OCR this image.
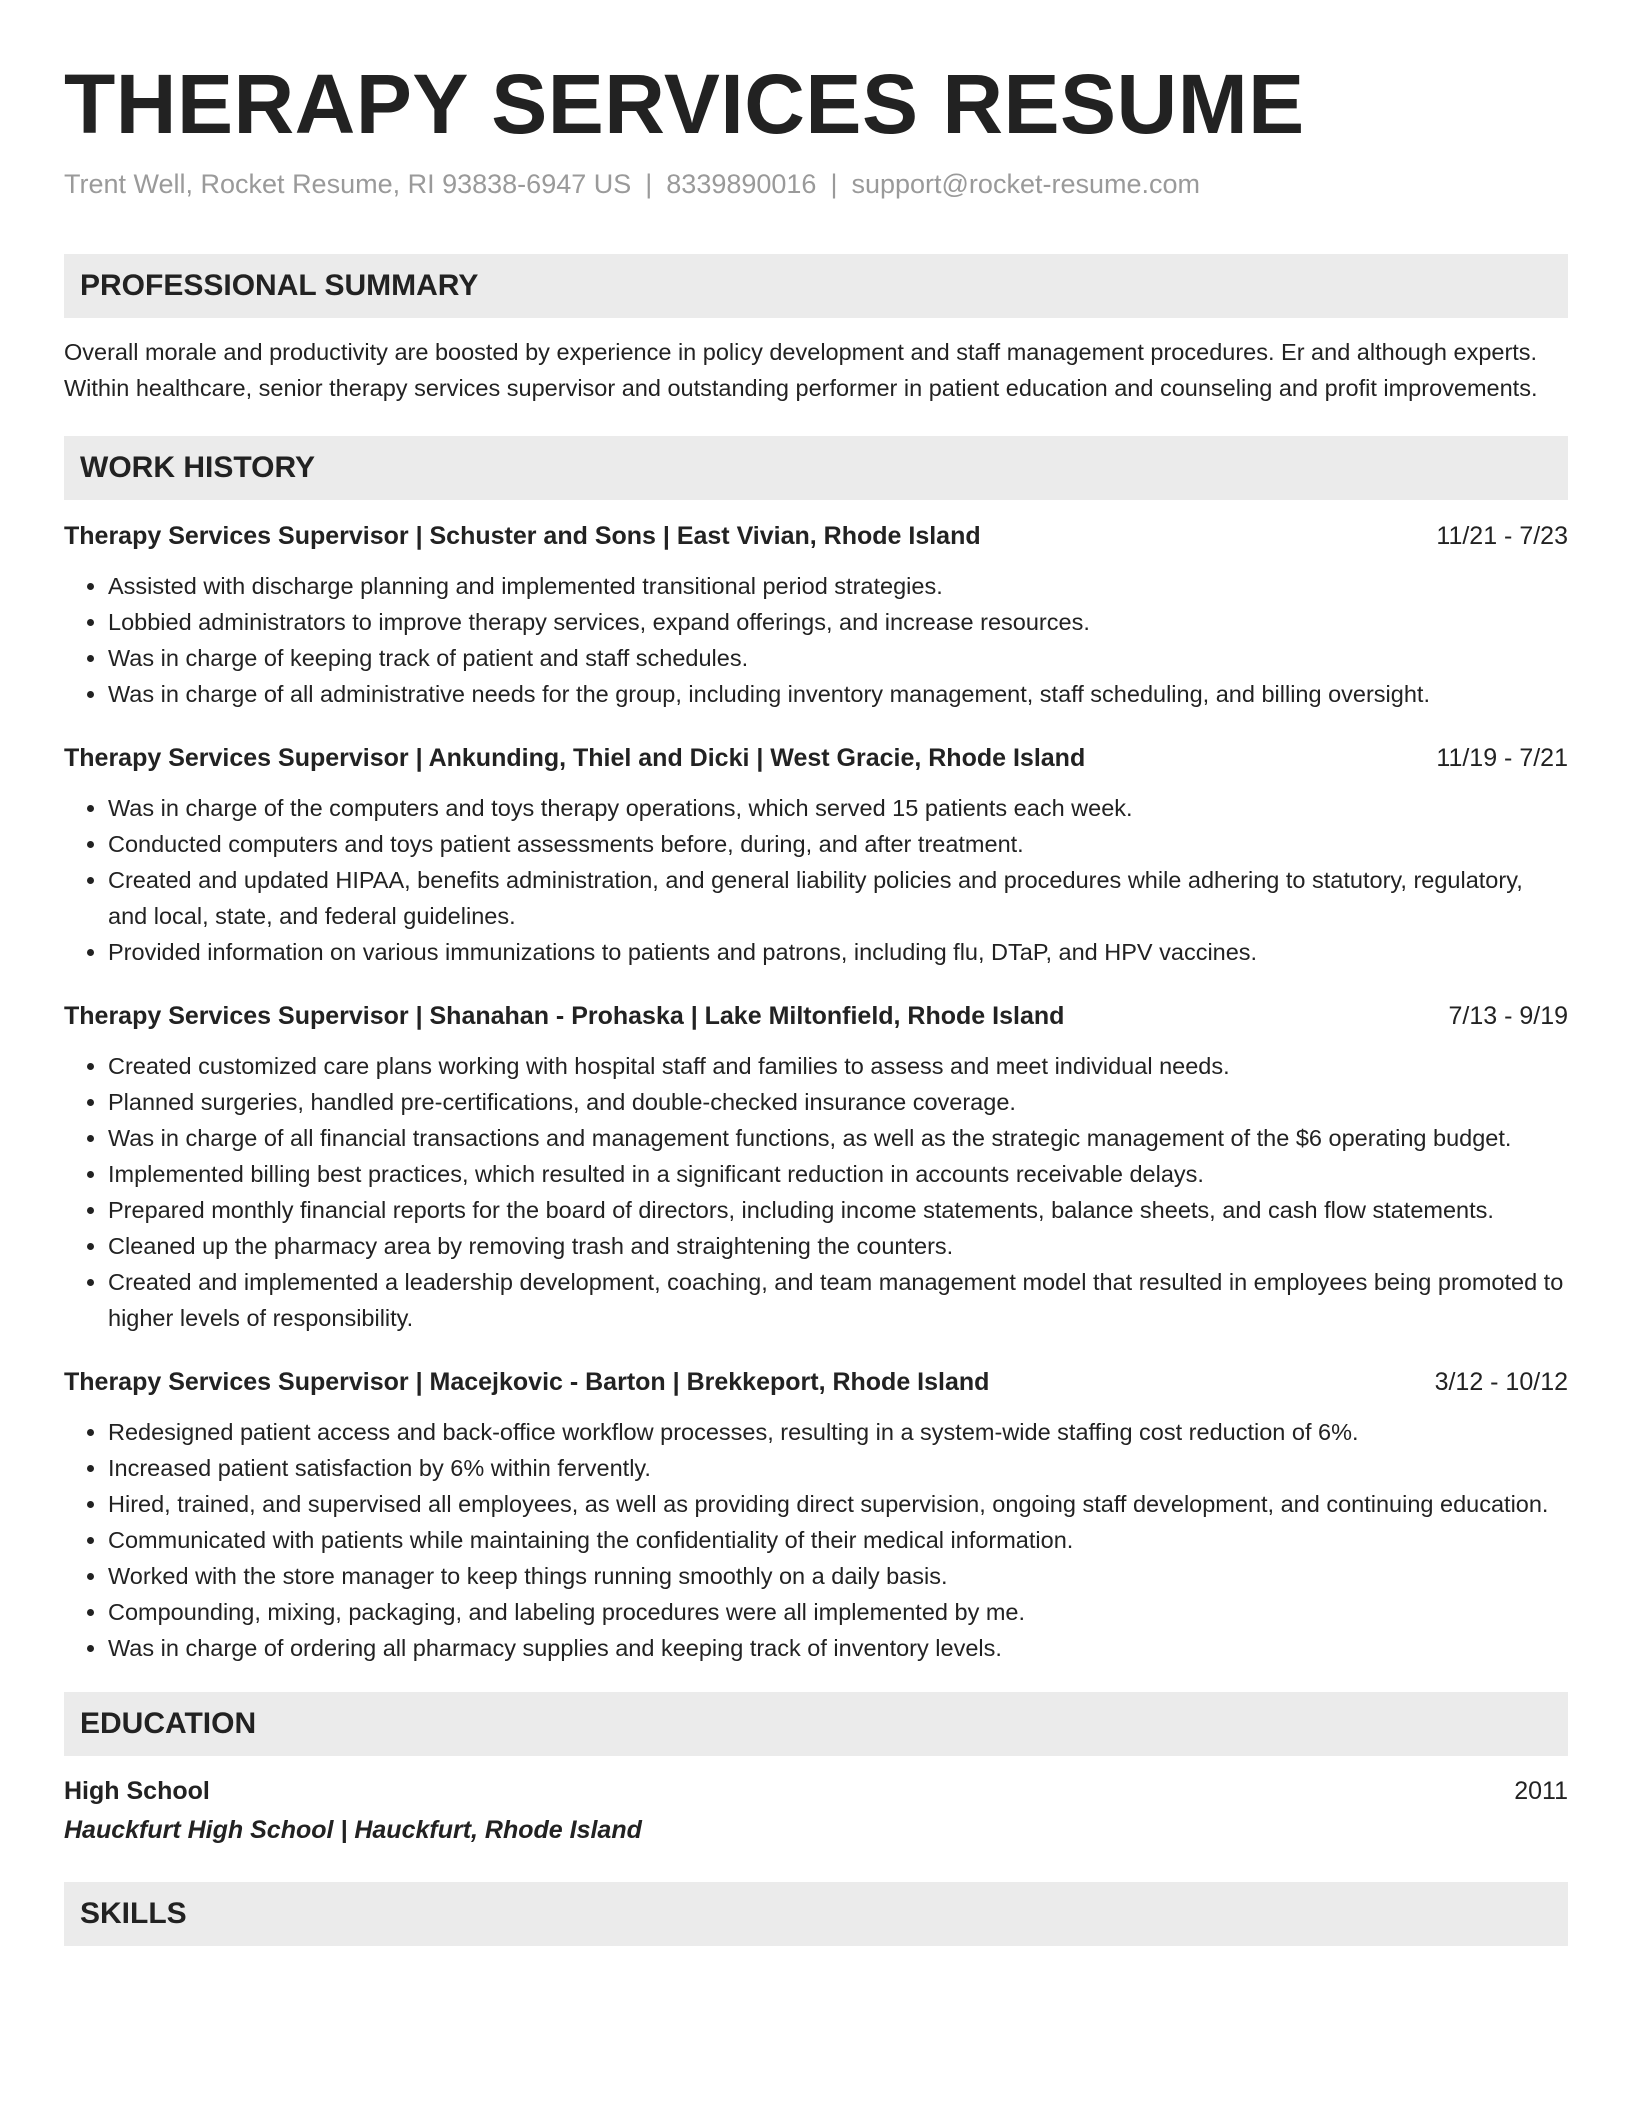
THERAPY SERVICES RESUME
Trent Well, Rocket Resume, RI 93838-6947 US | 8339890016 | support@rocket-resume.com
PROFESSIONAL SUMMARY
Overall morale and productivity are boosted by experience in policy development and staff management procedures. Er and although experts. Within healthcare, senior therapy services supervisor and outstanding performer in patient education and counseling and profit improvements.
WORK HISTORY
Therapy Services Supervisor | Schuster and Sons | East Vivian, Rhode Island	11/21 - 7/23
• Assisted with discharge planning and implemented transitional period strategies.
• Lobbied administrators to improve therapy services, expand offerings, and increase resources.
• Was in charge of keeping track of patient and staff schedules.
• Was in charge of all administrative needs for the group, including inventory management, staff scheduling, and billing oversight.
Therapy Services Supervisor | Ankunding, Thiel and Dicki | West Gracie, Rhode Island	11/19 - 7/21
• Was in charge of the computers and toys therapy operations, which served 15 patients each week.
• Conducted computers and toys patient assessments before, during, and after treatment.
• Created and updated HIPAA, benefits administration, and general liability policies and procedures while adhering to statutory, regulatory, and local, state, and federal guidelines.
• Provided information on various immunizations to patients and patrons, including flu, DTaP, and HPV vaccines.
Therapy Services Supervisor | Shanahan - Prohaska | Lake Miltonfield, Rhode Island	7/13 - 9/19
• Created customized care plans working with hospital staff and families to assess and meet individual needs.
• Planned surgeries, handled pre-certifications, and double-checked insurance coverage.
• Was in charge of all financial transactions and management functions, as well as the strategic management of the $6 operating budget.
• Implemented billing best practices, which resulted in a significant reduction in accounts receivable delays.
• Prepared monthly financial reports for the board of directors, including income statements, balance sheets, and cash flow statements.
• Cleaned up the pharmacy area by removing trash and straightening the counters.
• Created and implemented a leadership development, coaching, and team management model that resulted in employees being promoted to higher levels of responsibility.
Therapy Services Supervisor | Macejkovic - Barton | Brekkeport, Rhode Island	3/12 - 10/12
• Redesigned patient access and back-office workflow processes, resulting in a system-wide staffing cost reduction of 6%.
• Increased patient satisfaction by 6% within fervently.
• Hired, trained, and supervised all employees, as well as providing direct supervision, ongoing staff development, and continuing education.
• Communicated with patients while maintaining the confidentiality of their medical information.
• Worked with the store manager to keep things running smoothly on a daily basis.
• Compounding, mixing, packaging, and labeling procedures were all implemented by me.
• Was in charge of ordering all pharmacy supplies and keeping track of inventory levels.
EDUCATION
High School	2011
Hauckfurt High School | Hauckfurt, Rhode Island
SKILLS
